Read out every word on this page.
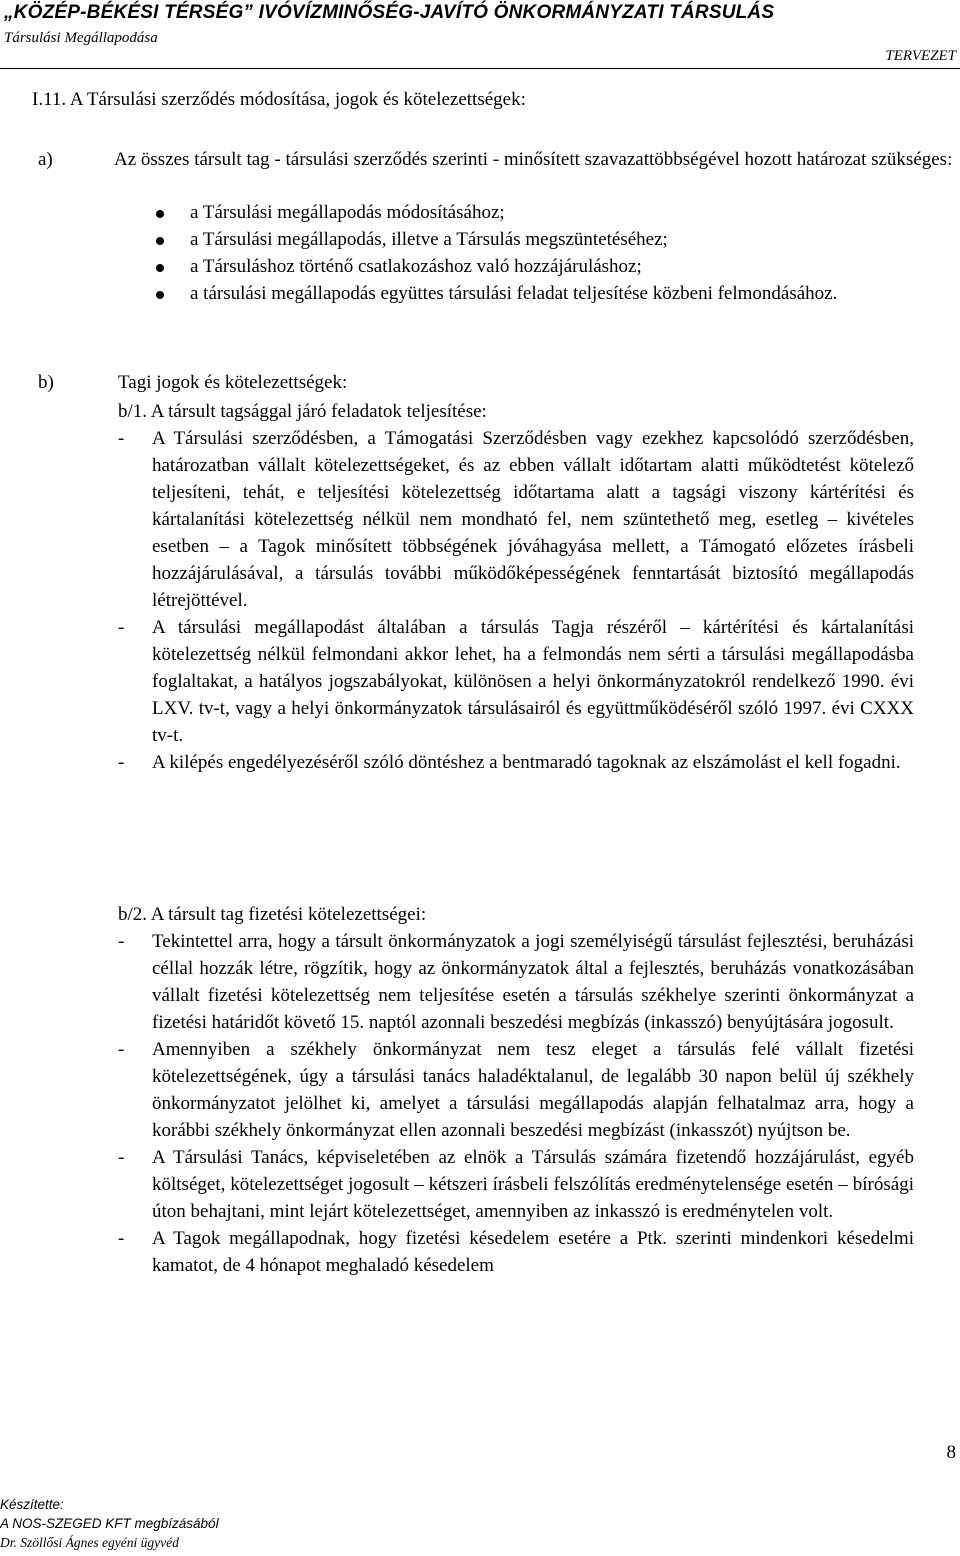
„KÖZÉP-BÉKÉSI TÉRSÉG” IVÓVÍZMINŐSÉG-JAVÍTÓ ÖNKORMÁNYZATI TÁRSULÁS
Társulási Megállapodása
TERVEZET
I.11. A Társulási szerződés módosítása, jogok és kötelezettségek:
a)	Az összes társult tag - társulási szerződés szerinti - minősített szavazattöbbségével hozott határozat szükséges:
a Társulási megállapodás módosításához;
a Társulási megállapodás, illetve a Társulás megszüntetéséhez;
a Társuláshoz történő csatlakozáshoz való hozzájáruláshoz;
a társulási megállapodás együttes társulási feladat teljesítése közbeni felmondásához.
b)	Tagi jogok és kötelezettségek:
b/1. A társult tagsággal járó feladatok teljesítése:
- A Társulási szerződésben, a Támogatási Szerződésben vagy ezekhez kapcsolódó szerződésben, határozatban vállalt kötelezettségeket, és az ebben vállalt időtartam alatti működtetést kötelező teljesíteni, tehát, e teljesítési kötelezettség időtartama alatt a tagsági viszony kártérítési és kártalanítási kötelezettség nélkül nem mondható fel, nem szüntethető meg, esetleg – kivételes esetben – a Tagok minősített többségének jóváhagyása mellett, a Támogató előzetes írásbeli hozzájárulásával, a társulás további működőképességének fenntartását biztosító megállapodás létrejöttével.
- A társulási megállapodást általában a társulás Tagja részéről – kártérítési és kártalanítási kötelezettség nélkül felmondani akkor lehet, ha a felmondás nem sérti a társulási megállapodásba foglaltakat, a hatályos jogszabályokat, különösen a helyi önkormányzatokról rendelkező 1990. évi LXV. tv-t, vagy a helyi önkormányzatok társulásairól és együttműködéséről szóló 1997. évi CXXX tv-t.
- A kilépés engedélyezéséről szóló döntéshez a bentmaradó tagoknak az elszámolást el kell fogadni.
b/2. A társult tag fizetési kötelezettségei:
- Tekintettel arra, hogy a társult önkormányzatok a jogi személyiségű társulást fejlesztési, beruházási céllal hozzák létre, rögzítik, hogy az önkormányzatok által a fejlesztés, beruházás vonatkozásában vállalt fizetési kötelezettség nem teljesítése esetén a társulás székhelye szerinti önkormányzat a fizetési határidőt követő 15. naptól azonnali beszedési megbízás (inkasszó) benyújtására jogosult.
- Amennyiben a székhely önkormányzat nem tesz eleget a társulás felé vállalt fizetési kötelezettségének, úgy a társulási tanács haladéktalanul, de legalább 30 napon belül új székhely önkormányzatot jelölhet ki, amelyet a társulási megállapodás alapján felhatalmaz arra, hogy a korábbi székhely önkormányzat ellen azonnali beszedési megbízást (inkasszót) nyújtson be.
- A Társulási Tanács, képviseletében az elnök a Társulás számára fizetendő hozzájárulást, egyéb költséget, kötelezettséget jogosult – kétszeri írásbeli felszólítás eredménytelensége esetén – bírósági úton behajtani, mint lejárt kötelezettséget, amennyiben az inkasszó is eredménytelen volt.
- A Tagok megállapodnak, hogy fizetési késedelem esetére a Ptk. szerinti mindenkori késedelmi kamatot, de 4 hónapot meghaladó késedelem
8
Készítette:
A NOS-SZEGED KFT megbízásából
Dr. Szöllősi Ágnes egyéni ügyvéd
